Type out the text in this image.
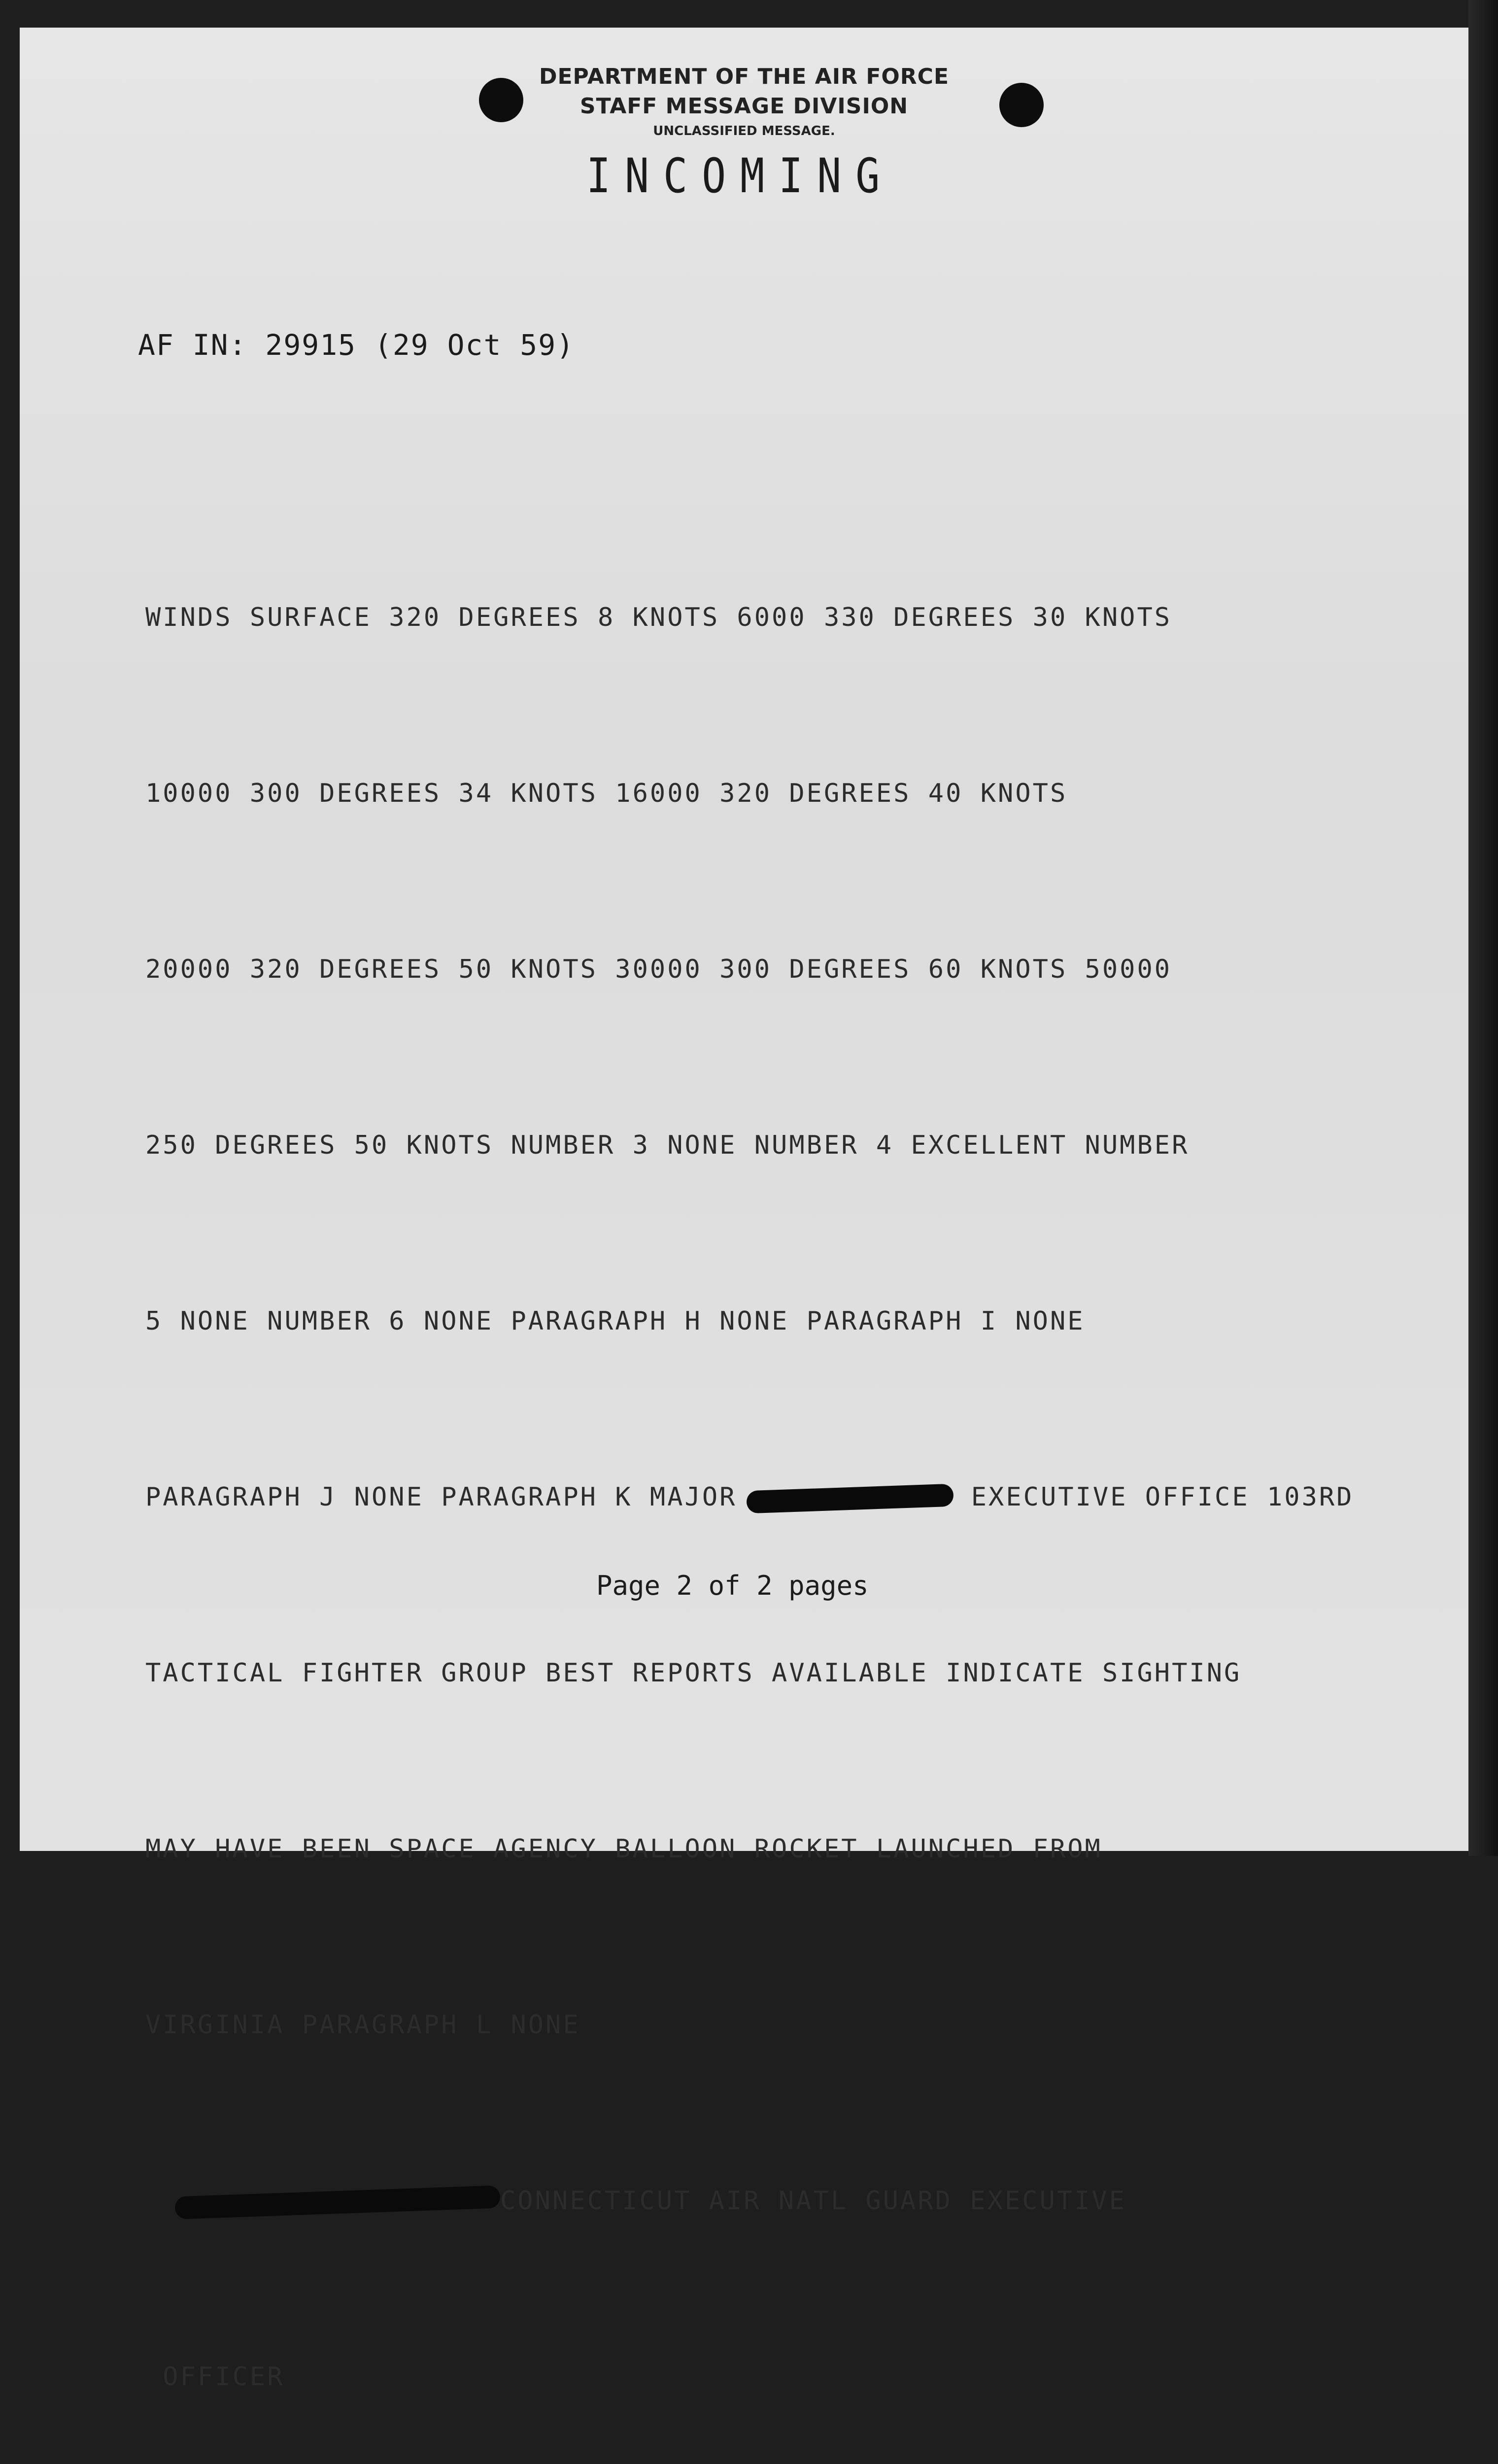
DEPARTMENT OF THE AIR FORCE
STAFF MESSAGE DIVISION
UNCLASSIFIED MESSAGE.
INCOMING
AF IN: 29915 (29 Oct 59)

WINDS SURFACE 320 DEGREES 8 KNOTS 6000 330 DEGREES 30 KNOTS

10000 300 DEGREES 34 KNOTS 16000 320 DEGREES 40 KNOTS

20000 320 DEGREES 50 KNOTS 30000 300 DEGREES 60 KNOTS 50000

250 DEGREES 50 KNOTS NUMBER 3 NONE NUMBER 4 EXCELLENT NUMBER

5 NONE NUMBER 6 NONE PARAGRAPH H NONE PARAGRAPH I NONE

PARAGRAPH J NONE PARAGRAPH K MAJOR	EXECUTIVE OFFICE 103RD

TACTICAL FIGHTER GROUP BEST REPORTS AVAILABLE INDICATE SIGHTING

MAY HAVE BEEN SPACE AGENCY BALLOON ROCKET LAUNCHED FROM

VIRGINIA PARAGRAPH L NONE

CONNECTICUT AIR NATL GUARD EXECUTIVE

OFFICER

Page 2 of 2 pages
